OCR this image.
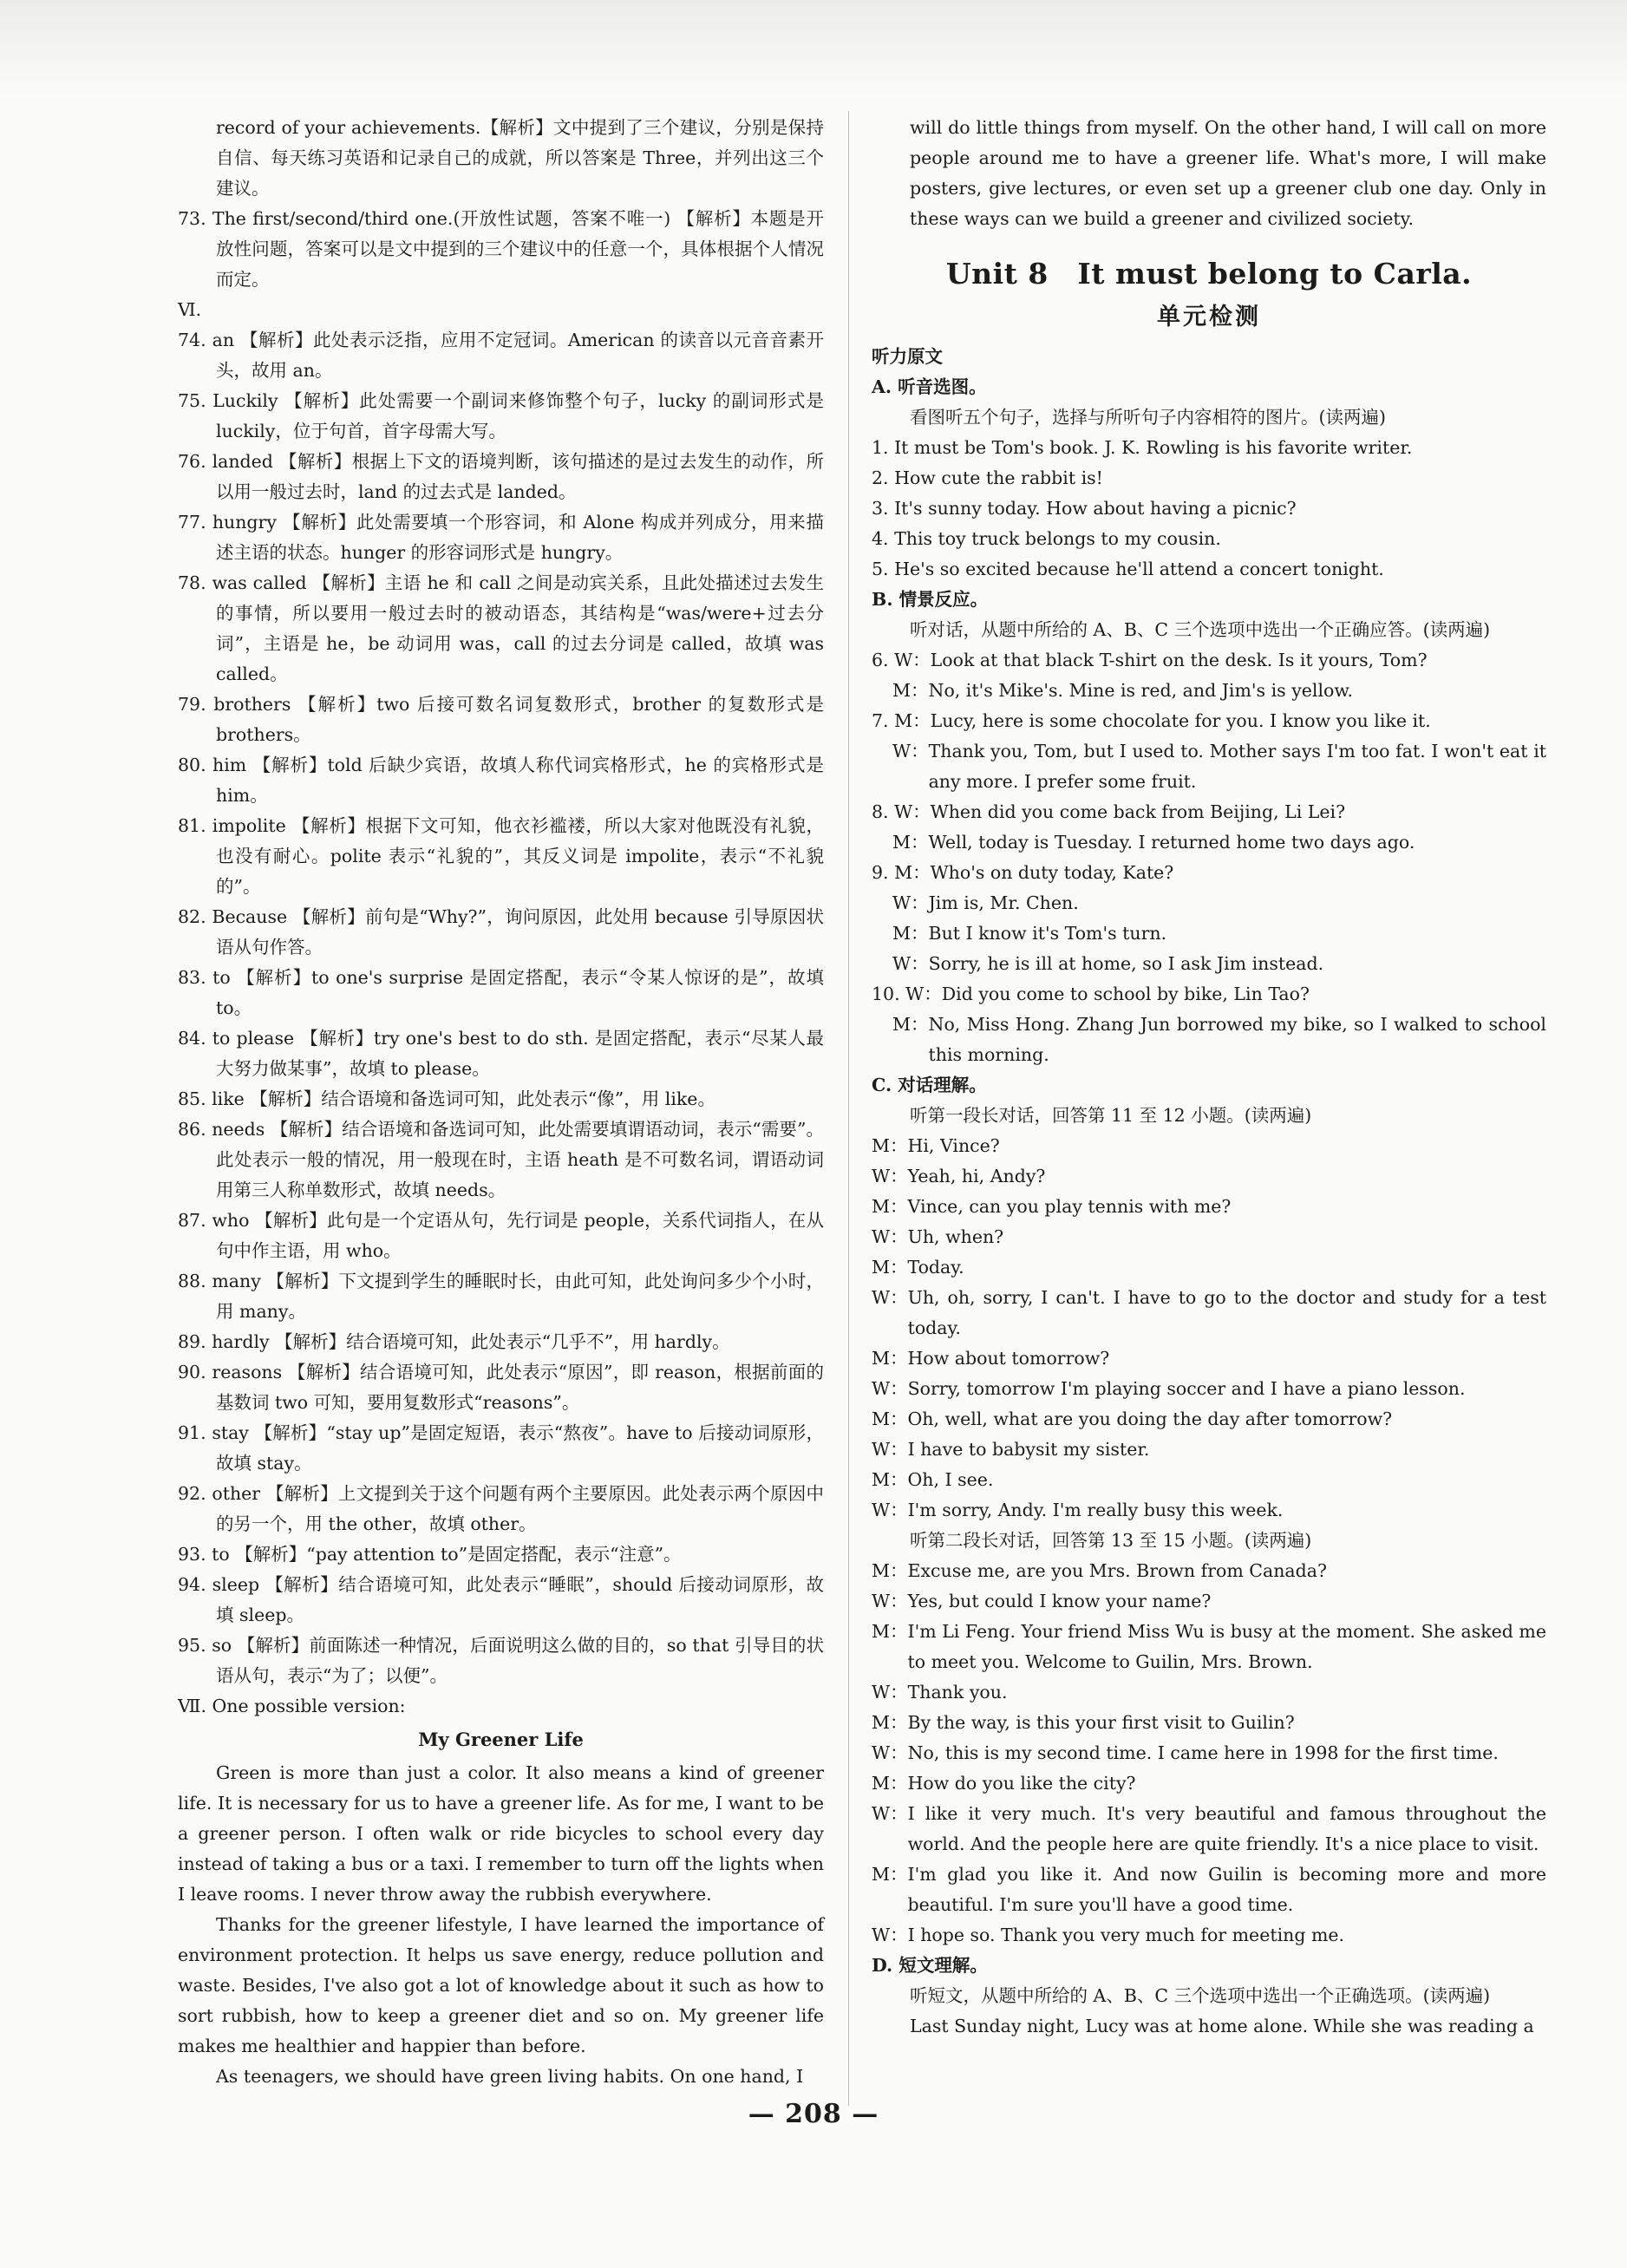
record of your achievements.【解析】文中提到了三个建议，分别是保持自信、每天练习英语和记录自己的成就，所以答案是 Three，并列出这三个建议。

73. The first/second/third one.(开放性试题，答案不唯一) 【解析】本题是开放性问题，答案可以是文中提到的三个建议中的任意一个，具体根据个人情况而定。

Ⅵ.

74. an 【解析】此处表示泛指，应用不定冠词。American 的读音以元音音素开头，故用 an。

75. Luckily 【解析】此处需要一个副词来修饰整个句子，lucky 的副词形式是 luckily，位于句首，首字母需大写。

76. landed 【解析】根据上下文的语境判断，该句描述的是过去发生的动作，所以用一般过去时，land 的过去式是 landed。

77. hungry 【解析】此处需要填一个形容词，和 Alone 构成并列成分，用来描述主语的状态。hunger 的形容词形式是 hungry。

78. was called 【解析】主语 he 和 call 之间是动宾关系，且此处描述过去发生的事情，所以要用一般过去时的被动语态，其结构是“was/were+过去分词”，主语是 he，be 动词用 was，call 的过去分词是 called，故填 was called。

79. brothers 【解析】two 后接可数名词复数形式，brother 的复数形式是 brothers。

80. him 【解析】told 后缺少宾语，故填人称代词宾格形式，he 的宾格形式是 him。

81. impolite 【解析】根据下文可知，他衣衫褴褛，所以大家对他既没有礼貌，也没有耐心。polite 表示“礼貌的”，其反义词是 impolite，表示“不礼貌的”。

82. Because 【解析】前句是“Why?”，询问原因，此处用 because 引导原因状语从句作答。

83. to 【解析】to one's surprise 是固定搭配，表示“令某人惊讶的是”，故填 to。

84. to please 【解析】try one's best to do sth. 是固定搭配，表示“尽某人最大努力做某事”，故填 to please。

85. like 【解析】结合语境和备选词可知，此处表示“像”，用 like。

86. needs 【解析】结合语境和备选词可知，此处需要填谓语动词，表示“需要”。此处表示一般的情况，用一般现在时，主语 heath 是不可数名词，谓语动词用第三人称单数形式，故填 needs。

87. who 【解析】此句是一个定语从句，先行词是 people，关系代词指人，在从句中作主语，用 who。

88. many 【解析】下文提到学生的睡眠时长，由此可知，此处询问多少个小时，用 many。

89. hardly 【解析】结合语境可知，此处表示“几乎不”，用 hardly。

90. reasons 【解析】结合语境可知，此处表示“原因”，即 reason，根据前面的基数词 two 可知，要用复数形式“reasons”。

91. stay 【解析】“stay up”是固定短语，表示“熬夜”。have to 后接动词原形，故填 stay。

92. other 【解析】上文提到关于这个问题有两个主要原因。此处表示两个原因中的另一个，用 the other，故填 other。

93. to 【解析】“pay attention to”是固定搭配，表示“注意”。

94. sleep 【解析】结合语境可知，此处表示“睡眠”，should 后接动词原形，故填 sleep。

95. so 【解析】前面陈述一种情况，后面说明这么做的目的，so that 引导目的状语从句，表示“为了；以便”。

Ⅶ. One possible version:

My Greener Life

Green is more than just a color. It also means a kind of greener life. It is necessary for us to have a greener life. As for me, I want to be a greener person. I often walk or ride bicycles to school every day instead of taking a bus or a taxi. I remember to turn off the lights when I leave rooms. I never throw away the rubbish everywhere.

Thanks for the greener lifestyle, I have learned the importance of environment protection. It helps us save energy, reduce pollution and waste. Besides, I've also got a lot of knowledge about it such as how to sort rubbish, how to keep a greener diet and so on. My greener life makes me healthier and happier than before.

As teenagers, we should have green living habits. On one hand, I

will do little things from myself. On the other hand, I will call on more people around me to have a greener life. What's more, I will make posters, give lectures, or even set up a greener club one day. Only in these ways can we build a greener and civilized society.

Unit 8　It must belong to Carla.
单元检测

听力原文

A. 听音选图。

看图听五个句子，选择与所听句子内容相符的图片。(读两遍)

1. It must be Tom's book. J. K. Rowling is his favorite writer.

2. How cute the rabbit is!

3. It's sunny today. How about having a picnic?

4. This toy truck belongs to my cousin.

5. He's so excited because he'll attend a concert tonight.

B. 情景反应。

听对话，从题中所给的 A、B、C 三个选项中选出一个正确应答。(读两遍)

6. W： Look at that black T-shirt on the desk. Is it yours, Tom?
M： No, it's Mike's. Mine is red, and Jim's is yellow.
7. M： Lucy, here is some chocolate for you. I know you like it.
W： Thank you, Tom, but I used to. Mother says I'm too fat. I won't eat it any more. I prefer some fruit.
8. W： When did you come back from Beijing, Li Lei?
M： Well, today is Tuesday. I returned home two days ago.
9. M： Who's on duty today, Kate?
W： Jim is, Mr. Chen.
M： But I know it's Tom's turn.
W： Sorry, he is ill at home, so I ask Jim instead.
10. W： Did you come to school by bike, Lin Tao?
M： No, Miss Hong. Zhang Jun borrowed my bike, so I walked to school this morning.

C. 对话理解。

听第一段长对话，回答第 11 至 12 小题。(读两遍)

M： Hi, Vince?
W： Yeah, hi, Andy?
M： Vince, can you play tennis with me?
W： Uh, when?
M： Today.
W： Uh, oh, sorry, I can't. I have to go to the doctor and study for a test today.
M： How about tomorrow?
W： Sorry, tomorrow I'm playing soccer and I have a piano lesson.
M： Oh, well, what are you doing the day after tomorrow?
W： I have to babysit my sister.
M： Oh, I see.
W： I'm sorry, Andy. I'm really busy this week.

听第二段长对话，回答第 13 至 15 小题。(读两遍)

M： Excuse me, are you Mrs. Brown from Canada?
W： Yes, but could I know your name?
M： I'm Li Feng. Your friend Miss Wu is busy at the moment. She asked me to meet you. Welcome to Guilin, Mrs. Brown.
W： Thank you.
M： By the way, is this your first visit to Guilin?
W： No, this is my second time. I came here in 1998 for the first time.
M： How do you like the city?
W： I like it very much. It's very beautiful and famous throughout the world. And the people here are quite friendly. It's a nice place to visit.
M： I'm glad you like it. And now Guilin is becoming more and more beautiful. I'm sure you'll have a good time.
W： I hope so. Thank you very much for meeting me.

D. 短文理解。

听短文，从题中所给的 A、B、C 三个选项中选出一个正确选项。(读两遍)

Last Sunday night, Lucy was at home alone. While she was reading a

— 208 —
